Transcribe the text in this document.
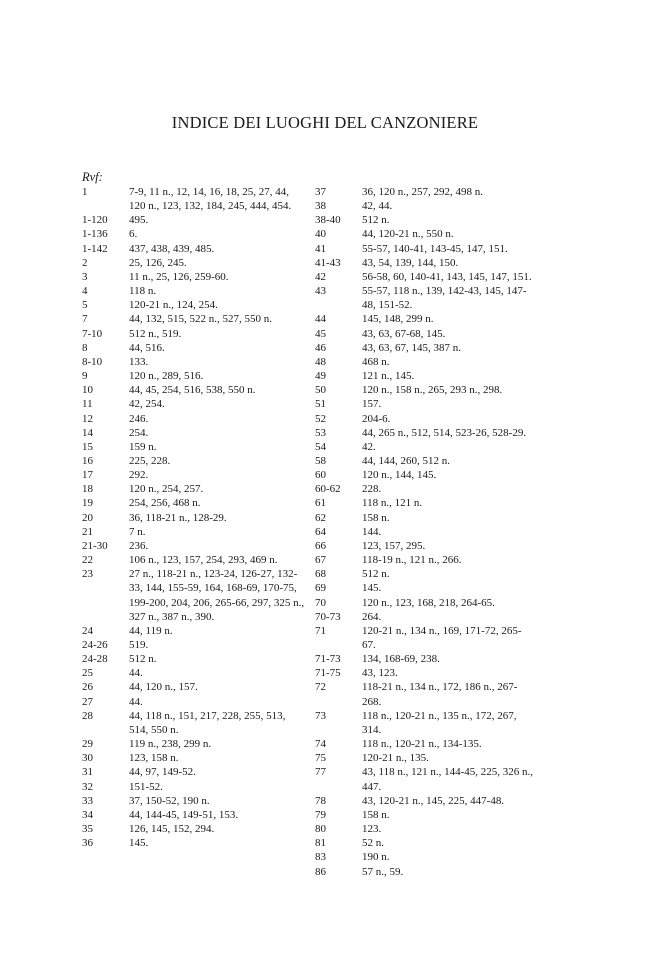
INDICE DEI LUOGHI DEL CANZONIERE
Rvf:
1	7-9, 11 n., 12, 14, 16, 18, 25, 27, 44, 120 n., 123, 132, 184, 245, 444, 454.
1-120	495.
1-136	6.
1-142	437, 438, 439, 485.
2	25, 126, 245.
3	11 n., 25, 126, 259-60.
4	118 n.
5	120-21 n., 124, 254.
7	44, 132, 515, 522 n., 527, 550 n.
7-10	512 n., 519.
8	44, 516.
8-10	133.
9	120 n., 289, 516.
10	44, 45, 254, 516, 538, 550 n.
11	42, 254.
12	246.
14	254.
15	159 n.
16	225, 228.
17	292.
18	120 n., 254, 257.
19	254, 256, 468 n.
20	36, 118-21 n., 128-29.
21	7 n.
21-30	236.
22	106 n., 123, 157, 254, 293, 469 n.
23	27 n., 118-21 n., 123-24, 126-27, 132-33, 144, 155-59, 164, 168-69, 170-75, 199-200, 204, 206, 265-66, 297, 325 n., 327 n., 387 n., 390.
24	44, 119 n.
24-26	519.
24-28	512 n.
25	44.
26	44, 120 n., 157.
27	44.
28	44, 118 n., 151, 217, 228, 255, 513, 514, 550 n.
29	119 n., 238, 299 n.
30	123, 158 n.
31	44, 97, 149-52.
32	151-52.
33	37, 150-52, 190 n.
34	44, 144-45, 149-51, 153.
35	126, 145, 152, 294.
36	145.
37	36, 120 n., 257, 292, 498 n.
38	42, 44.
38-40	512 n.
40	44, 120-21 n., 550 n.
41	55-57, 140-41, 143-45, 147, 151.
41-43	43, 54, 139, 144, 150.
42	56-58, 60, 140-41, 143, 145, 147, 151.
43	55-57, 118 n., 139, 142-43, 145, 147-48, 151-52.
44	145, 148, 299 n.
45	43, 63, 67-68, 145.
46	43, 63, 67, 145, 387 n.
48	468 n.
49	121 n., 145.
50	120 n., 158 n., 265, 293 n., 298.
51	157.
52	204-6.
53	44, 265 n., 512, 514, 523-26, 528-29.
54	42.
58	44, 144, 260, 512 n.
60	120 n., 144, 145.
60-62	228.
61	118 n., 121 n.
62	158 n.
64	144.
66	123, 157, 295.
67	118-19 n., 121 n., 266.
68	512 n.
69	145.
70	120 n., 123, 168, 218, 264-65.
70-73	264.
71	120-21 n., 134 n., 169, 171-72, 265-67.
71-73	134, 168-69, 238.
71-75	43, 123.
72	118-21 n., 134 n., 172, 186 n., 267-268.
73	118 n., 120-21 n., 135 n., 172, 267, 314.
74	118 n., 120-21 n., 134-135.
75	120-21 n., 135.
77	43, 118 n., 121 n., 144-45, 225, 326 n., 447.
78	43, 120-21 n., 145, 225, 447-48.
79	158 n.
80	123.
81	52 n.
83	190 n.
86	57 n., 59.
